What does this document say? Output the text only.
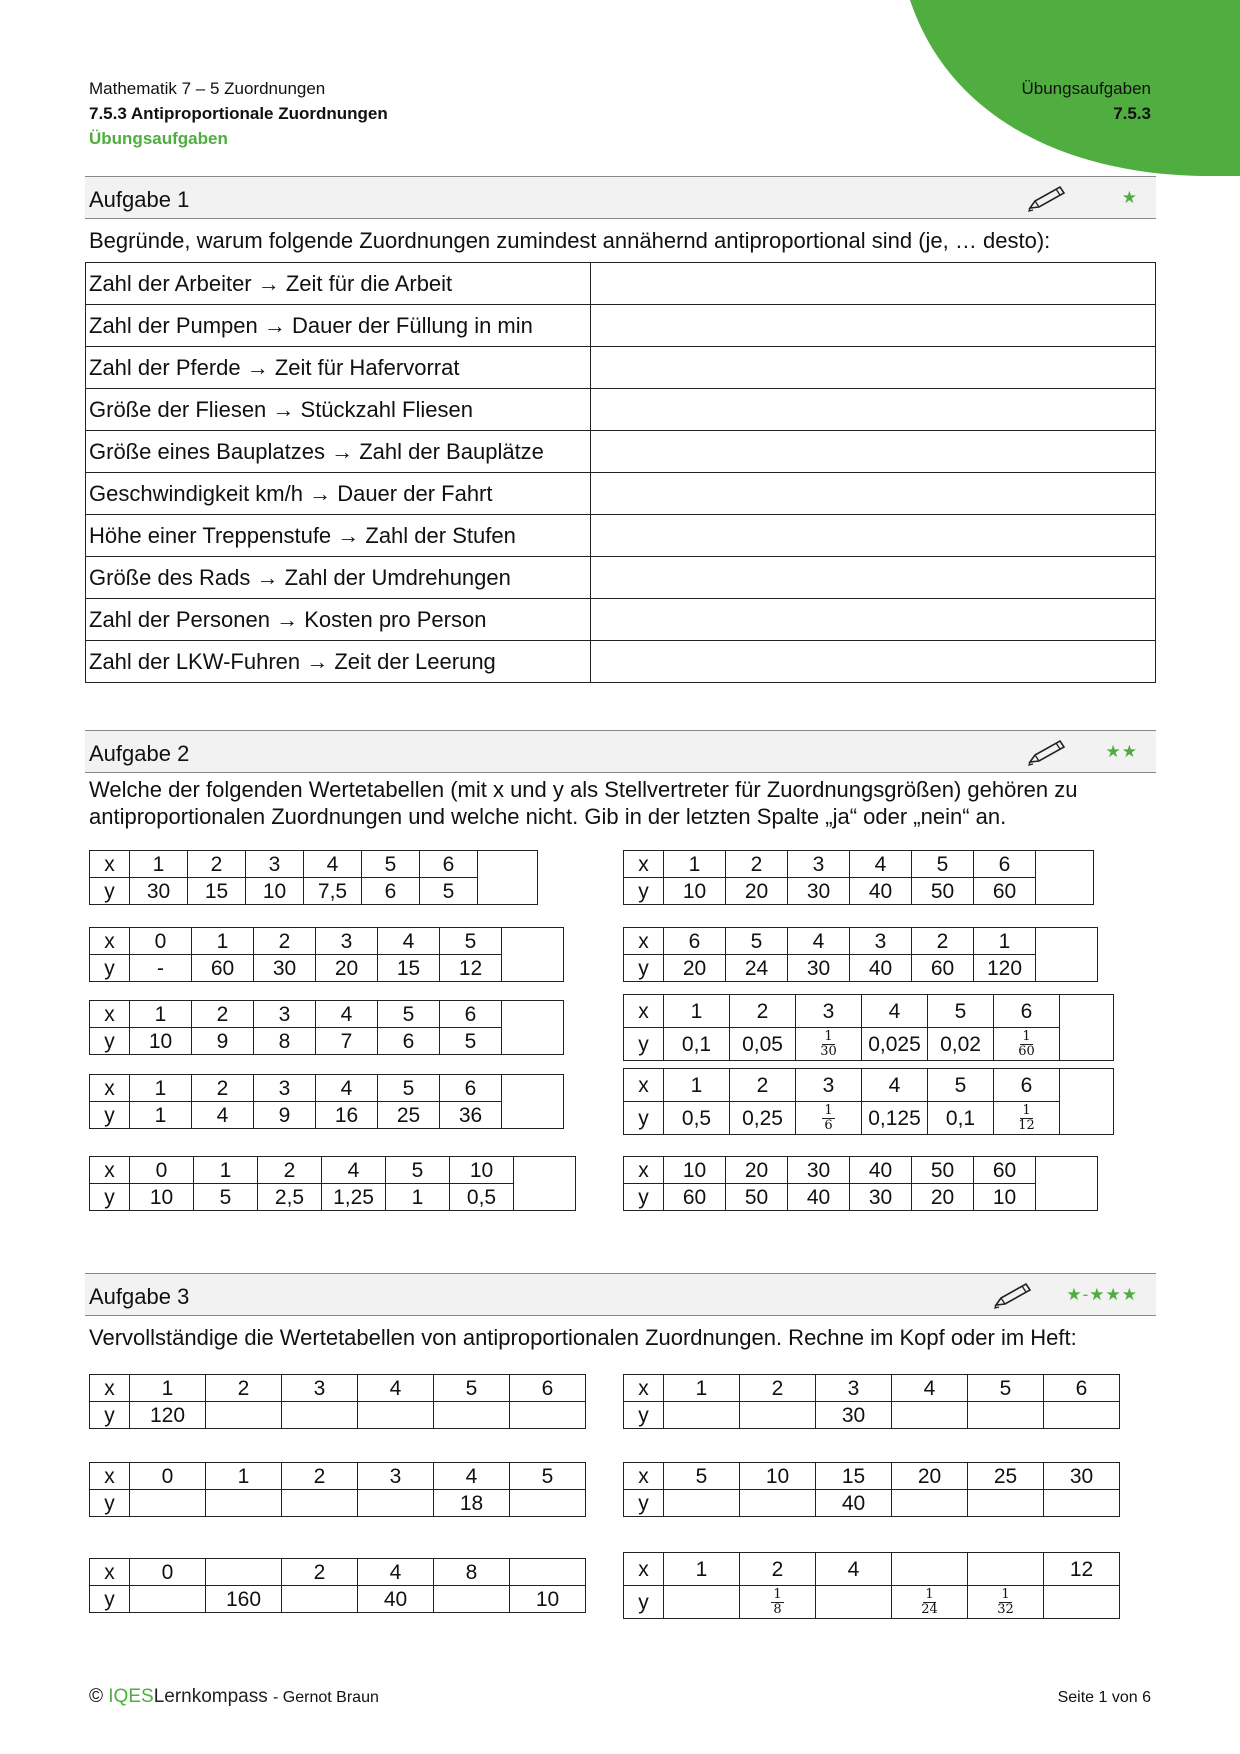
Mathematik 7 – 5 Zuordnungen
7.5.3 Antiproportionale Zuordnungen
Übungsaufgaben
Übungsaufgaben
7.5.3
Aufgabe 1	★
Begründe, warum folgende Zuordnungen zumindest annähernd antiproportional sind (je, … desto):
Zahl der Arbeiter → Zeit für die Arbeit	
Zahl der Pumpen → Dauer der Füllung in min	
Zahl der Pferde → Zeit für Hafervorrat	
Größe der Fliesen → Stückzahl Fliesen	
Größe eines Bauplatzes → Zahl der Bauplätze	
Geschwindigkeit km/h → Dauer der Fahrt	
Höhe einer Treppenstufe → Zahl der Stufen	
Größe des Rads → Zahl der Umdrehungen	
Zahl der Personen → Kosten pro Person	
Zahl der LKW-Fuhren → Zeit der Leerung	
Aufgabe 2	★★
Welche der folgenden Wertetabellen (mit x und y als Stellvertreter für Zuordnungsgrößen) gehören zu
antiproportionalen Zuordnungen und welche nicht. Gib in der letzten Spalte „ja“ oder „nein“ an.
x	1	2	3	4	5	6	
y	30	15	10	7,5	6	5	
x	1	2	3	4	5	6	
y	10	20	30	40	50	60	
x	0	1	2	3	4	5	
y	-	60	30	20	15	12	
x	6	5	4	3	2	1	
y	20	24	30	40	60	120	
x	1	2	3	4	5	6	
y	10	9	8	7	6	5	
x	1	2	3	4	5	6	
y	0,1	0,05	$\frac{1}{30}$	0,025	0,02	$\frac{1}{60}$
x	1	2	3	4	5	6	
y	1	4	9	16	25	36	
x	1	2	3	4	5	6	
y	0,5	0,25	$\frac{1}{6}$	0,125	0,1	$\frac{1}{12}$
x	0	1	2	4	5	10	
y	10	5	2,5	1,25	1	0,5	
x	10	20	30	40	50	60	
y	60	50	40	30	20	10	
Aufgabe 3	★-★★★
Vervollständige die Wertetabellen von antiproportionalen Zuordnungen. Rechne im Kopf oder im Heft:
x	1	2	3	4	5	6
y	120					
x	1	2	3	4	5	6
y			30			
x	0	1	2	3	4	5
y					18	
x	5	10	15	20	25	30
y			40			
x	0		2	4	8	
y		160		40		10
x	1	2	4			12
y		$\frac{1}{8}$		$\frac{1}{24}$	$\frac{1}{32}$

© IQESLernkompass - Gernot Braun	Seite 1 von 6
